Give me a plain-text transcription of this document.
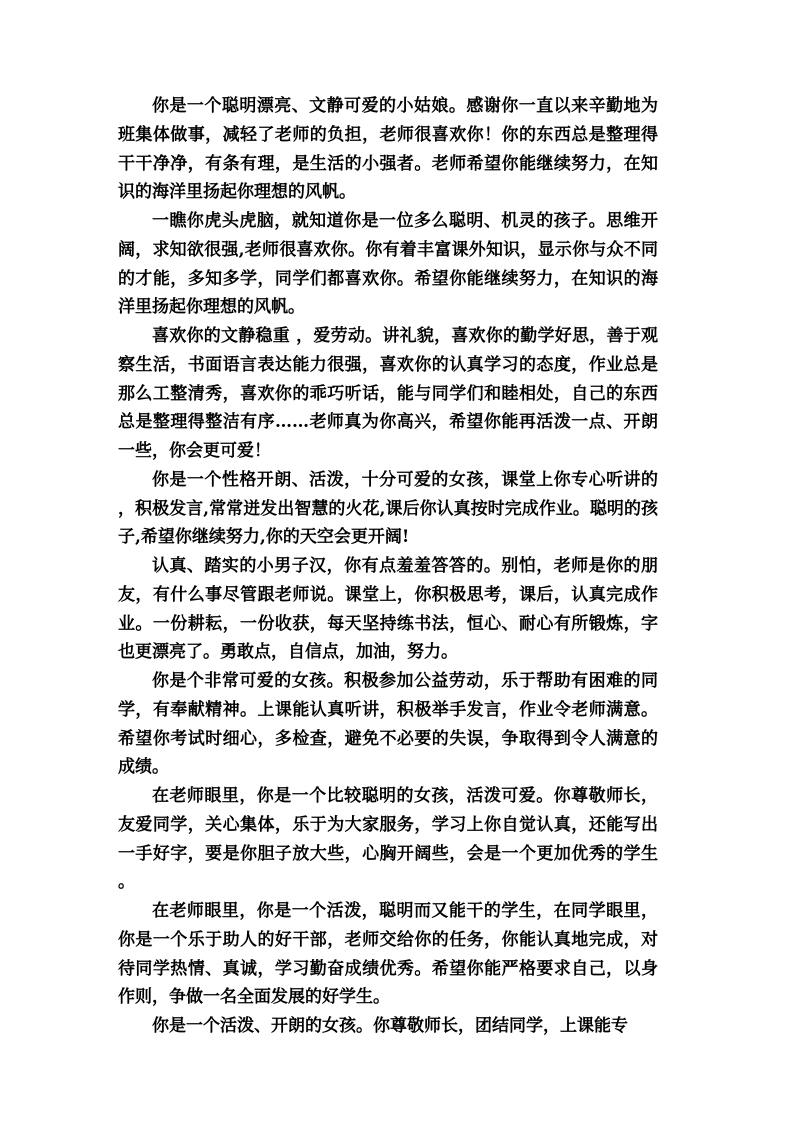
你是一个聪明漂亮、文静可爱的小姑娘。感谢你一直以来辛勤地为班集体做事，减轻了老师的负担，老师很喜欢你！你的东西总是整理得干干净净，有条有理，是生活的小强者。老师希望你能继续努力，在知识的海洋里扬起你理想的风帆。

一瞧你虎头虎脑，就知道你是一位多么聪明、机灵的孩子。思维开阔，求知欲很强,老师很喜欢你。你有着丰富课外知识，显示你与众不同的才能，多知多学，同学们都喜欢你。希望你能继续努力，在知识的海洋里扬起你理想的风帆。

喜欢你的文静稳重 ，爱劳动。讲礼貌，喜欢你的勤学好思，善于观察生活，书面语言表达能力很强，喜欢你的认真学习的态度，作业总是那么工整清秀，喜欢你的乖巧听话，能与同学们和睦相处，自己的东西总是整理得整洁有序……老师真为你高兴，希望你能再活泼一点、开朗一些，你会更可爱！

你是一个性格开朗、活泼，十分可爱的女孩，课堂上你专心听讲的，积极发言,常常迸发出智慧的火花,课后你认真按时完成作业。聪明的孩子,希望你继续努力,你的天空会更开阔!

认真、踏实的小男子汉，你有点羞羞答答的。别怕，老师是你的朋友，有什么事尽管跟老师说。课堂上，你积极思考，课后，认真完成作业。一份耕耘，一份收获，每天坚持练书法，恒心、耐心有所锻炼，字也更漂亮了。勇敢点，自信点，加油，努力。

你是个非常可爱的女孩。积极参加公益劳动，乐于帮助有困难的同学，有奉献精神。上课能认真听讲，积极举手发言，作业令老师满意。希望你考试时细心，多检查，避免不必要的失误，争取得到令人满意的成绩。

在老师眼里，你是一个比较聪明的女孩，活泼可爱。你尊敬师长，友爱同学，关心集体，乐于为大家服务，学习上你自觉认真，还能写出一手好字，要是你胆子放大些，心胸开阔些，会是一个更加优秀的学生。

在老师眼里，你是一个活泼，聪明而又能干的学生，在同学眼里，你是一个乐于助人的好干部，老师交给你的任务，你能认真地完成，对待同学热情、真诚，学习勤奋成绩优秀。希望你能严格要求自己，以身作则，争做一名全面发展的好学生。

你是一个活泼、开朗的女孩。你尊敬师长，团结同学，上课能专
